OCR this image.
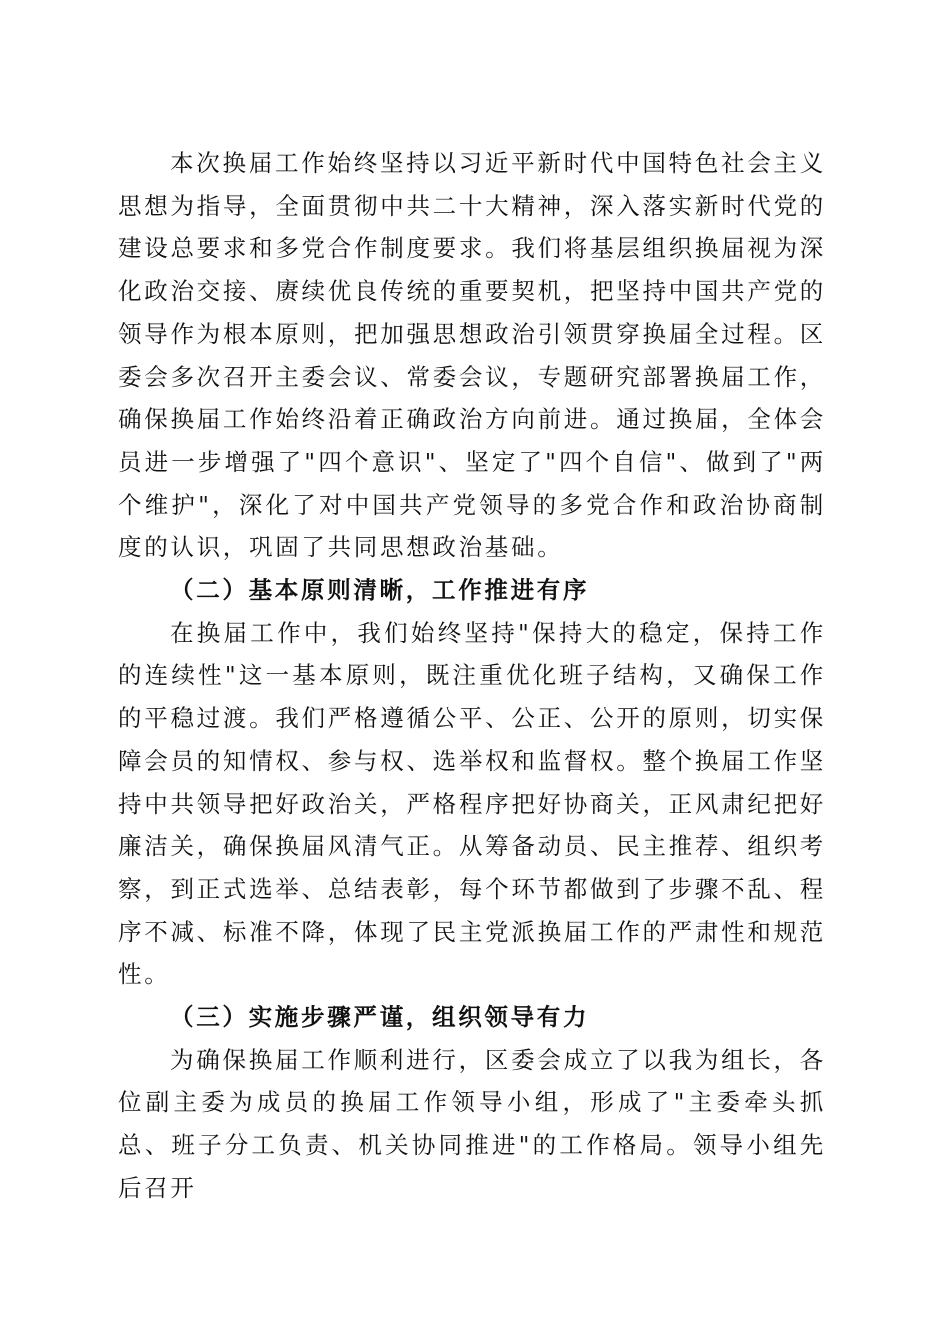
本次换届工作始终坚持以习近平新时代中国特色社会主义思想为指导，全面贯彻中共二十大精神，深入落实新时代党的建设总要求和多党合作制度要求。我们将基层组织换届视为深化政治交接、赓续优良传统的重要契机，把坚持中国共产党的领导作为根本原则，把加强思想政治引领贯穿换届全过程。区委会多次召开主委会议、常委会议，专题研究部署换届工作，确保换届工作始终沿着正确政治方向前进。通过换届，全体会员进一步增强了"四个意识"、坚定了"四个自信"、做到了"两个维护"，深化了对中国共产党领导的多党合作和政治协商制度的认识，巩固了共同思想政治基础。

（二）基本原则清晰，工作推进有序

在换届工作中，我们始终坚持"保持大的稳定，保持工作的连续性"这一基本原则，既注重优化班子结构，又确保工作的平稳过渡。我们严格遵循公平、公正、公开的原则，切实保障会员的知情权、参与权、选举权和监督权。整个换届工作坚持中共领导把好政治关，严格程序把好协商关，正风肃纪把好廉洁关，确保换届风清气正。从筹备动员、民主推荐、组织考察，到正式选举、总结表彰，每个环节都做到了步骤不乱、程序不减、标准不降，体现了民主党派换届工作的严肃性和规范性。

（三）实施步骤严谨，组织领导有力

为确保换届工作顺利进行，区委会成立了以我为组长，各位副主委为成员的换届工作领导小组，形成了"主委牵头抓总、班子分工负责、机关协同推进"的工作格局。领导小组先后召开
